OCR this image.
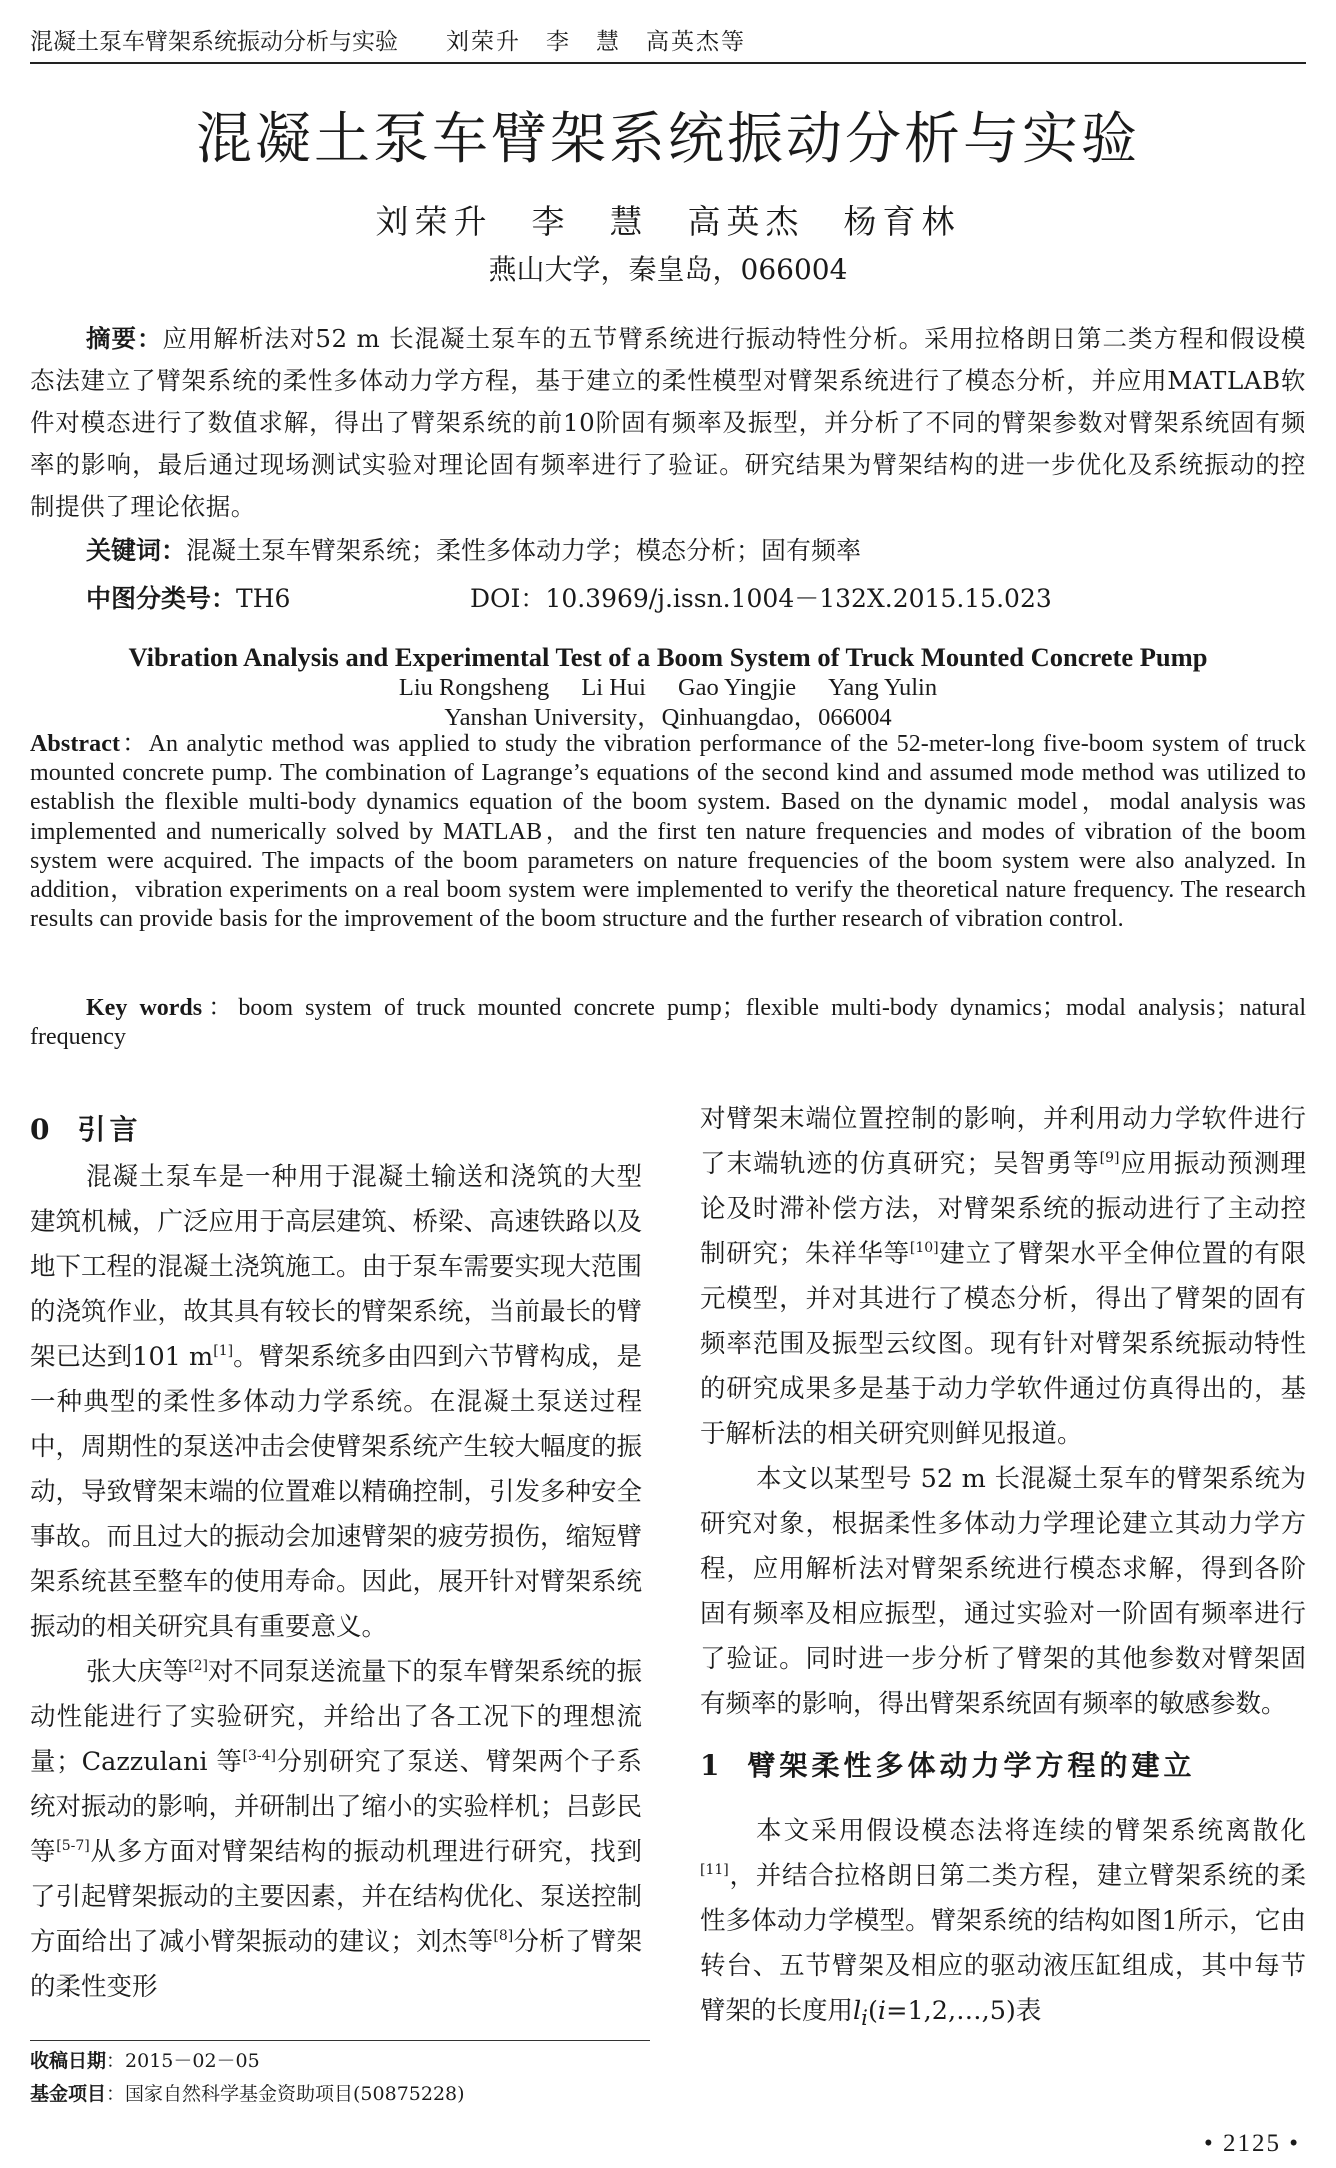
混凝土泵车臂架系统振动分析与实验 刘荣升　李　慧　高英杰等
混凝土泵车臂架系统振动分析与实验
刘荣升　李　慧　高英杰　杨育林
燕山大学，秦皇岛，066004
摘要：应用解析法对52 m 长混凝土泵车的五节臂系统进行振动特性分析。采用拉格朗日第二类方程和假设模态法建立了臂架系统的柔性多体动力学方程，基于建立的柔性模型对臂架系统进行了模态分析，并应用MATLAB软件对模态进行了数值求解，得出了臂架系统的前10阶固有频率及振型，并分析了不同的臂架参数对臂架系统固有频率的影响，最后通过现场测试实验对理论固有频率进行了验证。研究结果为臂架结构的进一步优化及系统振动的控制提供了理论依据。
关键词：混凝土泵车臂架系统；柔性多体动力学；模态分析；固有频率
中图分类号：TH6	DOI：10.3969/j.issn.1004－132X.2015.15.023
Vibration Analysis and Experimental Test of a Boom System of Truck Mounted Concrete Pump
Liu Rongsheng Li Hui Gao Yingjie Yang Yulin
Yanshan University，Qinhuangdao，066004
Abstract：An analytic method was applied to study the vibration performance of the 52-meter-long five-boom system of truck mounted concrete pump. The combination of Lagrange’s equations of the second kind and assumed mode method was utilized to establish the flexible multi-body dynamics equation of the boom system. Based on the dynamic model，modal analysis was implemented and numerically solved by MATLAB，and the first ten nature frequencies and modes of vibration of the boom system were acquired. The impacts of the boom parameters on nature frequencies of the boom system were also analyzed. In addition，vibration experiments on a real boom system were implemented to verify the theoretical nature frequency. The research results can provide basis for the improvement of the boom structure and the further research of vibration control.
Key words：boom system of truck mounted concrete pump；flexible multi-body dynamics；modal analysis；natural frequency
0 引言

混凝土泵车是一种用于混凝土输送和浇筑的大型建筑机械，广泛应用于高层建筑、桥梁、高速铁路以及地下工程的混凝土浇筑施工。由于泵车需要实现大范围的浇筑作业，故其具有较长的臂架系统，当前最长的臂架已达到101 m[1]。臂架系统多由四到六节臂构成，是一种典型的柔性多体动力学系统。在混凝土泵送过程中，周期性的泵送冲击会使臂架系统产生较大幅度的振动，导致臂架末端的位置难以精确控制，引发多种安全事故。而且过大的振动会加速臂架的疲劳损伤，缩短臂架系统甚至整车的使用寿命。因此，展开针对臂架系统振动的相关研究具有重要意义。

张大庆等[2]对不同泵送流量下的泵车臂架系统的振动性能进行了实验研究，并给出了各工况下的理想流量；Cazzulani 等[3-4]分别研究了泵送、臂架两个子系统对振动的影响，并研制出了缩小的实验样机；吕彭民等[5-7]从多方面对臂架结构的振动机理进行研究，找到了引起臂架振动的主要因素，并在结构优化、泵送控制方面给出了减小臂架振动的建议；刘杰等[8]分析了臂架的柔性变形

对臂架末端位置控制的影响，并利用动力学软件进行了末端轨迹的仿真研究；吴智勇等[9]应用振动预测理论及时滞补偿方法，对臂架系统的振动进行了主动控制研究；朱祥华等[10]建立了臂架水平全伸位置的有限元模型，并对其进行了模态分析，得出了臂架的固有频率范围及振型云纹图。现有针对臂架系统振动特性的研究成果多是基于动力学软件通过仿真得出的，基于解析法的相关研究则鲜见报道。

本文以某型号 52 m 长混凝土泵车的臂架系统为研究对象，根据柔性多体动力学理论建立其动力学方程，应用解析法对臂架系统进行模态求解，得到各阶固有频率及相应振型，通过实验对一阶固有频率进行了验证。同时进一步分析了臂架的其他参数对臂架固有频率的影响，得出臂架系统固有频率的敏感参数。

1 臂架柔性多体动力学方程的建立

本文采用假设模态法将连续的臂架系统离散化[11]，并结合拉格朗日第二类方程，建立臂架系统的柔性多体动力学模型。臂架系统的结构如图1所示，它由转台、五节臂架及相应的驱动液压缸组成，其中每节臂架的长度用$l_i(i=1,2,\dots,5)$表

收稿日期：2015－02－05
基金项目：国家自然科学基金资助项目(50875228)
• 2125 •
